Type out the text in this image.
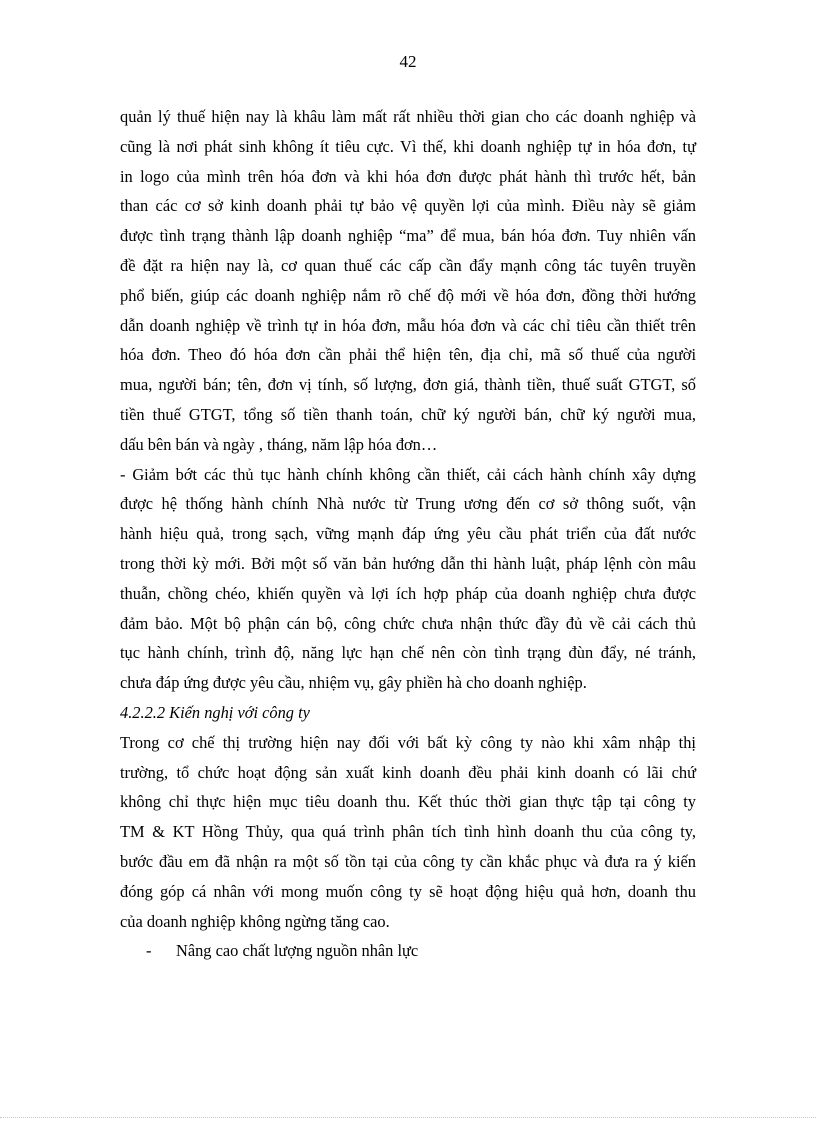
42
quản lý thuế hiện nay là khâu làm mất rất nhiều thời gian cho các doanh nghiệp và
cũng là nơi phát sinh không ít tiêu cực. Vì thế, khi doanh nghiệp tự in hóa đơn, tự
in logo của mình trên hóa đơn và khi hóa đơn được phát hành thì trước hết, bản
than các cơ sở kinh doanh phải tự bảo vệ quyền lợi của mình. Điều này sẽ giảm
được tình trạng thành lập doanh nghiệp “ma” để mua, bán hóa đơn. Tuy nhiên vấn
đề đặt ra hiện nay là, cơ quan thuế các cấp cần đẩy mạnh công tác tuyên truyền
phổ biến, giúp các doanh nghiệp nắm rõ chế độ mới về hóa đơn, đồng thời hướng
dẫn doanh nghiệp về trình tự in hóa đơn, mẫu hóa đơn và các chỉ tiêu cần thiết trên
hóa đơn. Theo đó hóa đơn cần phải thể hiện tên, địa chỉ, mã số thuế của người
mua, người bán; tên, đơn vị tính, số lượng, đơn giá, thành tiền, thuế suất GTGT, số
tiền thuế GTGT, tổng số tiền thanh toán, chữ ký người bán, chữ ký người mua,
dấu bên bán và ngày , tháng, năm lập hóa đơn…
- Giảm bớt các thủ tục hành chính không cần thiết, cải cách hành chính xây dựng
được hệ thống hành chính Nhà nước từ Trung ương đến cơ sở thông suốt, vận
hành hiệu quả, trong sạch, vững mạnh đáp ứng yêu cầu phát triển của đất nước
trong thời kỳ mới. Bởi một số văn bản hướng dẫn thi hành luật, pháp lệnh còn mâu
thuẫn, chồng chéo, khiến quyền và lợi ích hợp pháp của doanh nghiệp chưa được
đảm bảo. Một bộ phận cán bộ, công chức chưa nhận thức đầy đủ về cải cách thủ
tục hành chính, trình độ, năng lực hạn chế nên còn tình trạng đùn đẩy, né tránh,
chưa đáp ứng được yêu cầu, nhiệm vụ, gây phiền hà cho doanh nghiệp.
4.2.2.2 Kiến nghị với công ty
Trong cơ chế thị trường hiện nay đối với bất kỳ công ty nào khi xâm nhập thị
trường, tổ chức hoạt động sản xuất kinh doanh đều phải kinh doanh có lãi chứ
không chỉ thực hiện mục tiêu doanh thu. Kết thúc thời gian thực tập tại công ty
TM & KT Hồng Thủy, qua quá trình phân tích tình hình doanh thu của công ty,
bước đầu em đã nhận ra một số tồn tại của công ty cần khắc phục và đưa ra ý kiến
đóng góp cá nhân với mong muốn công ty sẽ hoạt động hiệu quả hơn, doanh thu
của doanh nghiệp không ngừng tăng cao.
- Nâng cao chất lượng nguồn nhân lực
